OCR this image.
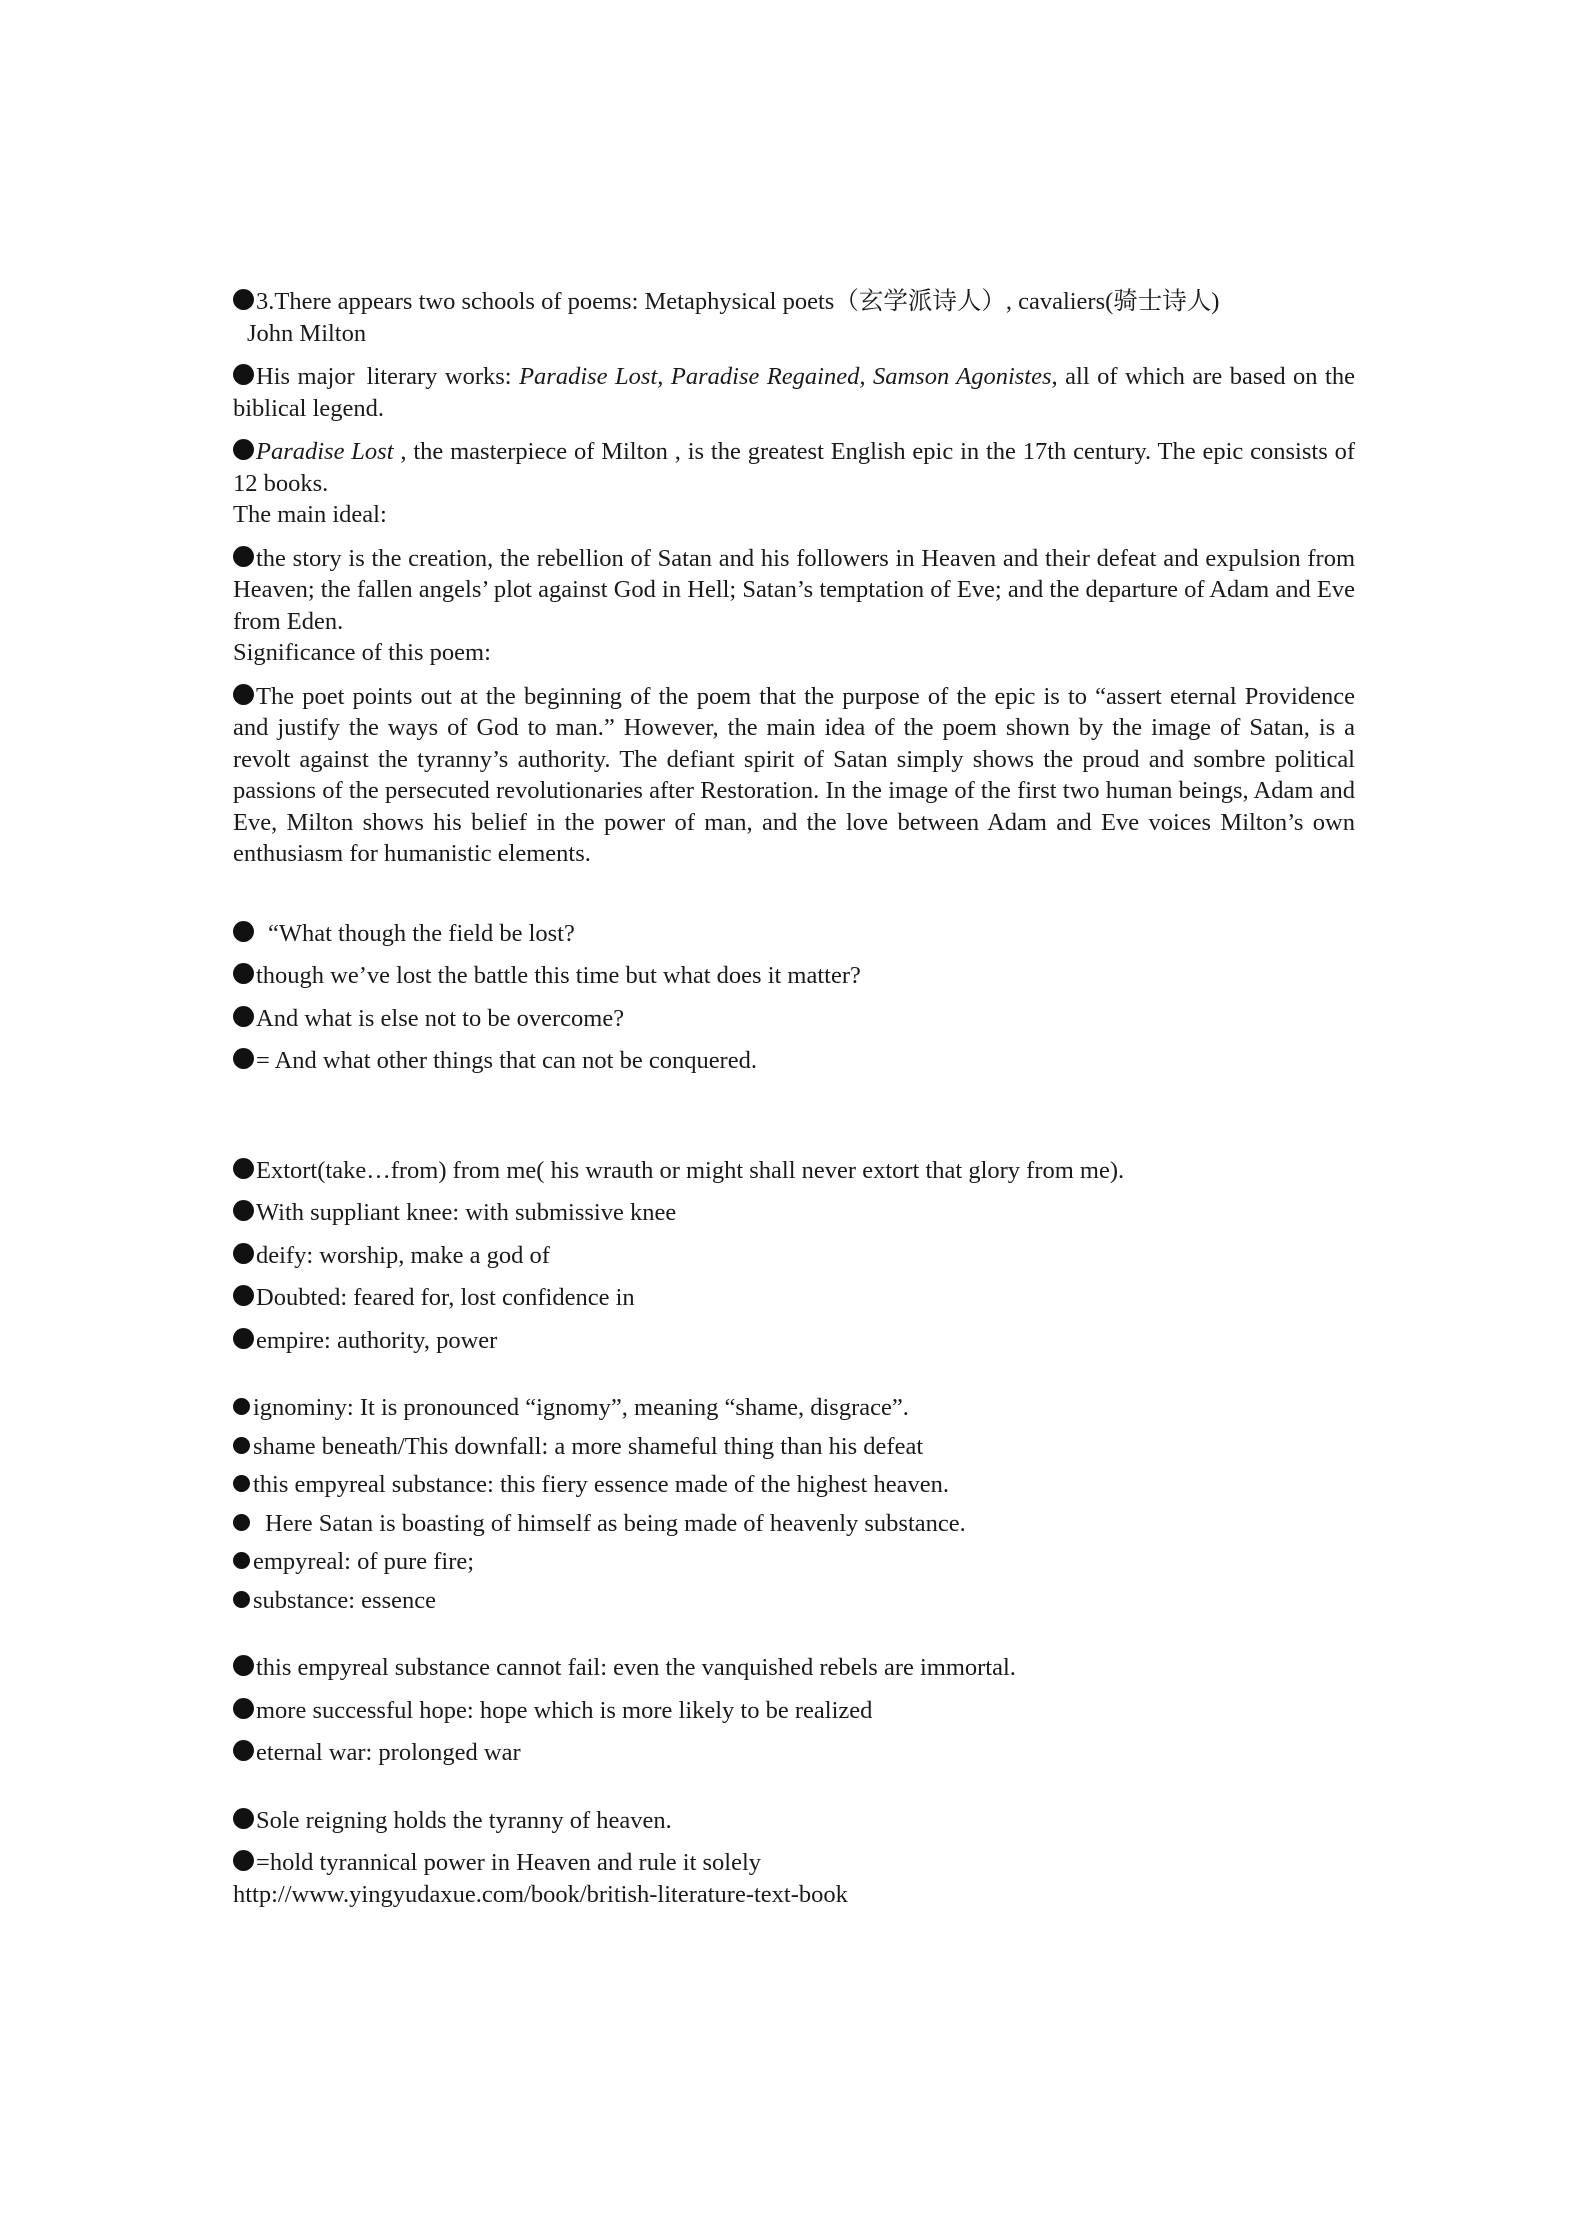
3.There appears two schools of poems: Metaphysical poets（玄学派诗人）, cavaliers(骑士诗人)
John Milton

His major literary works: Paradise Lost, Paradise Regained, Samson Agonistes, all of which are based on the biblical legend.

Paradise Lost , the masterpiece of Milton , is the greatest English epic in the 17th century. The epic consists of 12 books.

The main ideal:

the story is the creation, the rebellion of Satan and his followers in Heaven and their defeat and expulsion from Heaven; the fallen angels’ plot against God in Hell; Satan’s temptation of Eve; and the departure of Adam and Eve from Eden.

Significance of this poem:

The poet points out at the beginning of the poem that the purpose of the epic is to “assert eternal Providence and justify the ways of God to man.” However, the main idea of the poem shown by the image of Satan, is a revolt against the tyranny’s authority. The defiant spirit of Satan simply shows the proud and sombre political passions of the persecuted revolutionaries after Restoration. In the image of the first two human beings, Adam and Eve, Milton shows his belief in the power of man, and the love between Adam and Eve voices Milton’s own enthusiasm for humanistic elements.

“What though the field be lost?

though we’ve lost the battle this time but what does it matter?

And what is else not to be overcome?

= And what other things that can not be conquered.

Extort(take…from) from me( his wrauth or might shall never extort that glory from me).

With suppliant knee: with submissive knee

deify: worship, make a god of

Doubted: feared for, lost confidence in

empire: authority, power

ignominy: It is pronounced “ignomy”, meaning “shame, disgrace”.

shame beneath/This downfall: a more shameful thing than his defeat

this empyreal substance: this fiery essence made of the highest heaven.

Here Satan is boasting of himself as being made of heavenly substance.

empyreal: of pure fire;

substance: essence

this empyreal substance cannot fail: even the vanquished rebels are immortal.

more successful hope: hope which is more likely to be realized

eternal war: prolonged war

Sole reigning holds the tyranny of heaven.

=hold tyrannical power in Heaven and rule it solely

http://www.yingyudaxue.com/book/british-literature-text-book
